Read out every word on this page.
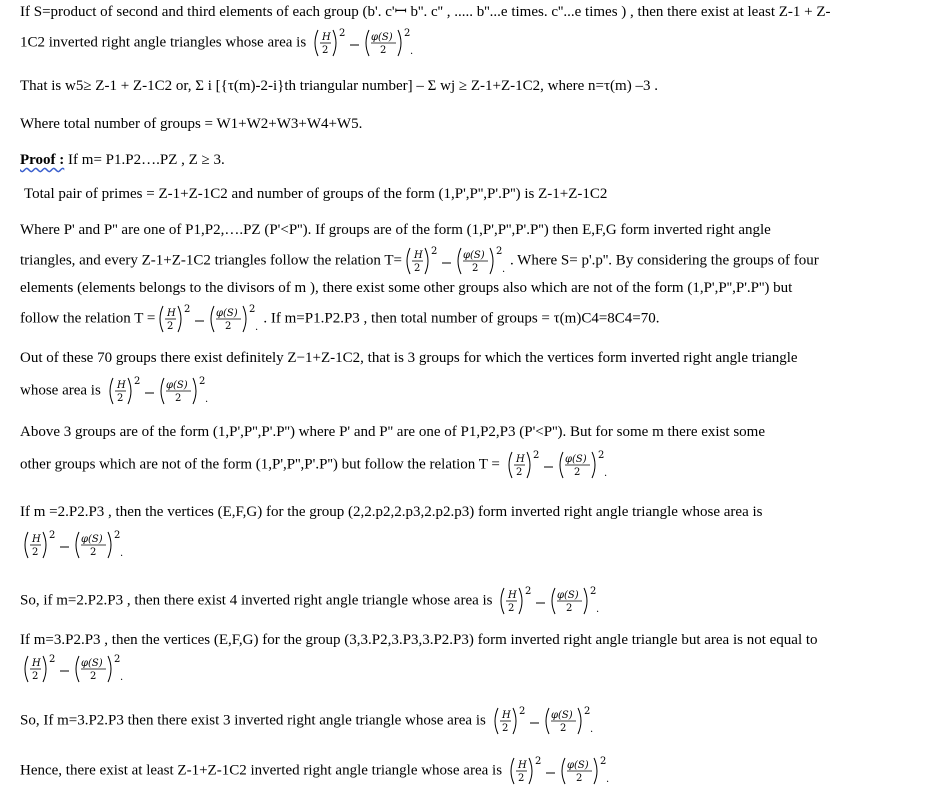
If S=product of second and third elements of each group (b'. c'ꟷ b''. c'' , ..... b''...e times. c''...e times ) , then there exist at least Z-1 + Z-
1C2 inverted right angle triangles whose area is
That is w5≥ Z-1 + Z-1C2 or, Σ i [{τ(m)-2-i}th triangular number] – Σ wj ≥ Z-1+Z-1C2, where n=τ(m) –3 .
Where total number of groups = W1+W2+W3+W4+W5.
Proof : If m= P1.P2….PZ , Z ≥ 3.
Total pair of primes = Z-1+Z-1C2 and number of groups of the form (1,P',P'',P'.P'') is Z-1+Z-1C2
Where P' and P'' are one of P1,P2,….PZ (P'<P''). If groups are of the form (1,P',P'',P'.P'') then E,F,G form inverted right angle
triangles, and every Z-1+Z-1C2 triangles follow the relation T=	. Where S= p'.p''. By considering the groups of four
elements (elements belongs to the divisors of m ), there exist some other groups also which are not of the form (1,P',P'',P'.P'') but
follow the relation T =	. If m=P1.P2.P3 , then total number of groups = τ(m)C4=8C4=70.
Out of these 70 groups there exist definitely Z−1+Z-1C2, that is 3 groups for which the vertices form inverted right angle triangle
whose area is
Above 3 groups are of the form (1,P',P'',P'.P'') where P' and P'' are one of P1,P2,P3 (P'<P''). But for some m there exist some
other groups which are not of the form (1,P',P'',P'.P'') but follow the relation T =
If m =2.P2.P3 , then the vertices (E,F,G) for the group (2,2.p2,2.p3,2.p2.p3) form inverted right angle triangle whose area is
So, if m=2.P2.P3 , then there exist 4 inverted right angle triangle whose area is
If m=3.P2.P3 , then the vertices (E,F,G) for the group (3,3.P2,3.P3,3.P2.P3) form inverted right angle triangle but area is not equal to
So, If m=3.P2.P3 then there exist 3 inverted right angle triangle whose area is
Hence, there exist at least Z-1+Z-1C2 inverted right angle triangle whose area is
